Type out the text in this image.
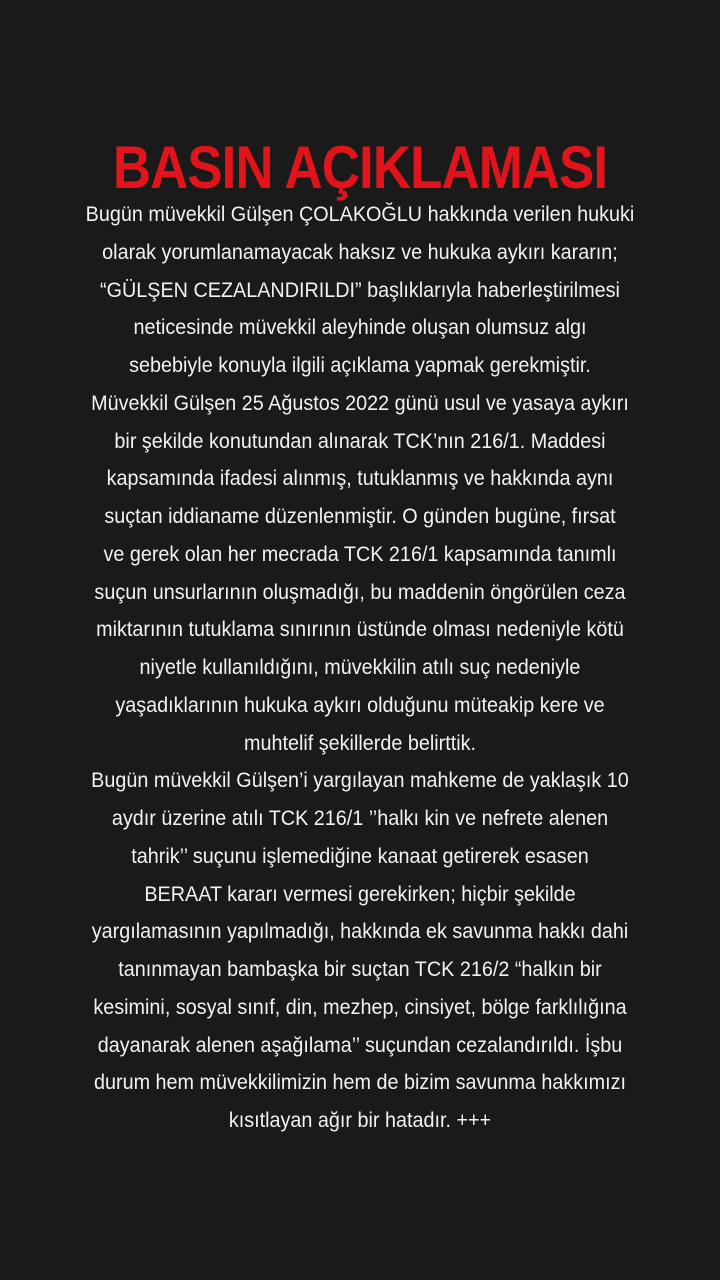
BASIN AÇIKLAMASI
Bugün müvekkil Gülşen ÇOLAKOĞLU hakkında verilen hukuki
olarak yorumlanamayacak haksız ve hukuka aykırı kararın;
“GÜLŞEN CEZALANDIRILDI” başlıklarıyla haberleştirilmesi
neticesinde müvekkil aleyhinde oluşan olumsuz algı
sebebiyle konuyla ilgili açıklama yapmak gerekmiştir.
Müvekkil Gülşen 25 Ağustos 2022 günü usul ve yasaya aykırı
bir şekilde konutundan alınarak TCK’nın 216/1. Maddesi
kapsamında ifadesi alınmış, tutuklanmış ve hakkında aynı
suçtan iddianame düzenlenmiştir. O günden bugüne, fırsat
ve gerek olan her mecrada TCK 216/1 kapsamında tanımlı
suçun unsurlarının oluşmadığı, bu maddenin öngörülen ceza
miktarının tutuklama sınırının üstünde olması nedeniyle kötü
niyetle kullanıldığını, müvekkilin atılı suç nedeniyle
yaşadıklarının hukuka aykırı olduğunu müteakip kere ve
muhtelif şekillerde belirttik.
Bugün müvekkil Gülşen’i yargılayan mahkeme de yaklaşık 10
aydır üzerine atılı TCK 216/1 ’’halkı kin ve nefrete alenen
tahrik’’ suçunu işlemediğine kanaat getirerek esasen
BERAAT kararı vermesi gerekirken; hiçbir şekilde
yargılamasının yapılmadığı, hakkında ek savunma hakkı dahi
tanınmayan bambaşka bir suçtan TCK 216/2 “halkın bir
kesimini, sosyal sınıf, din, mezhep, cinsiyet, bölge farklılığına
dayanarak alenen aşağılama’’ suçundan cezalandırıldı. İşbu
durum hem müvekkilimizin hem de bizim savunma hakkımızı
kısıtlayan ağır bir hatadır. +++
